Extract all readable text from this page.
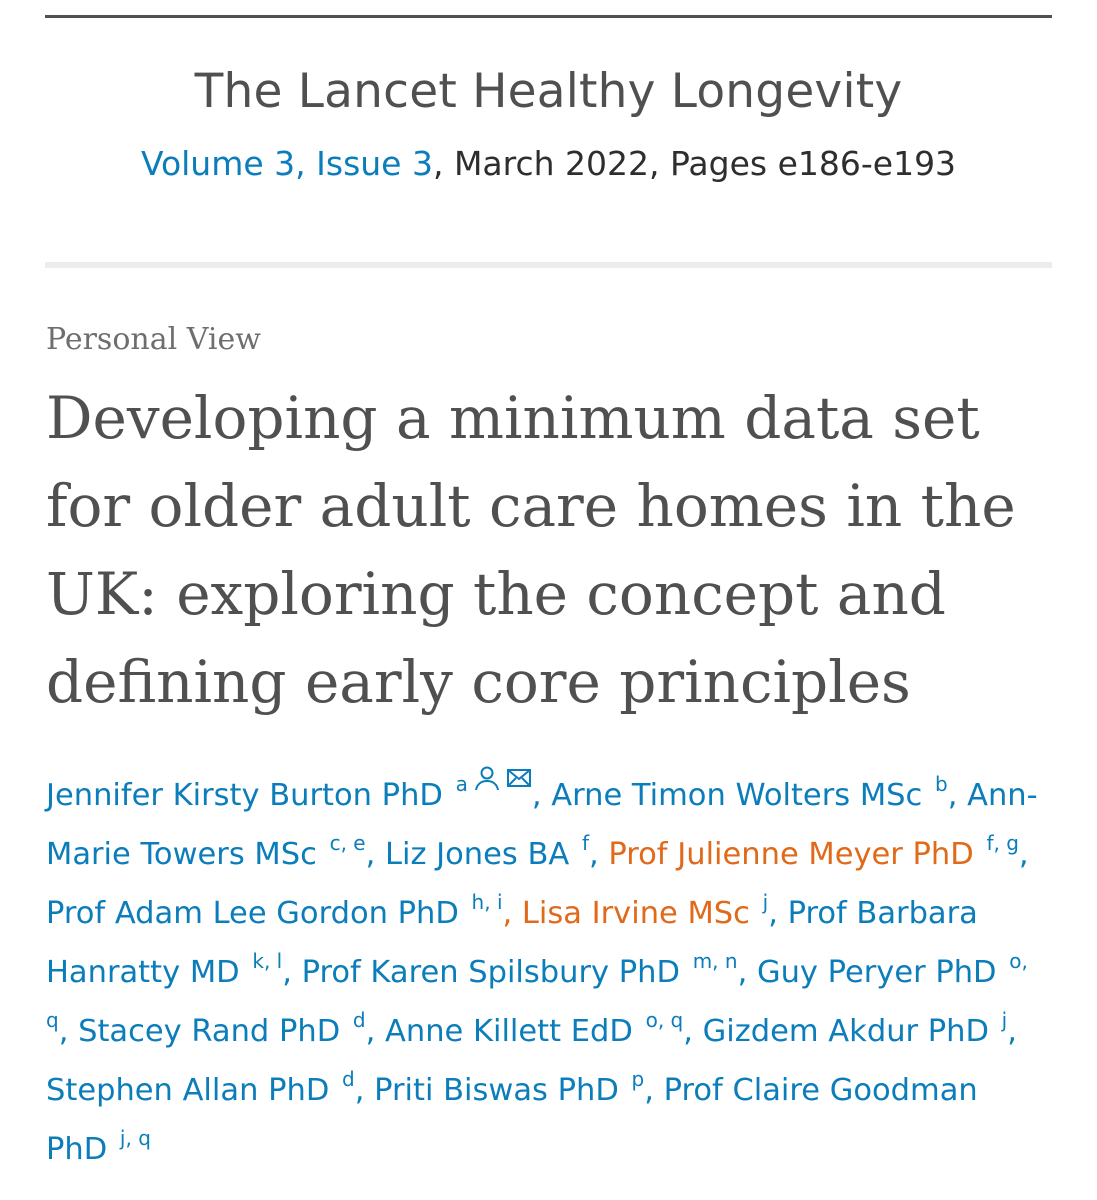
The Lancet Healthy Longevity
Volume 3, Issue 3, March 2022, Pages e186-e193
Personal View
Developing a minimum data set for older adult care homes in the UK: exploring the concept and defining early core principles
Jennifer Kirsty Burton PhD $^a$ , Arne Timon Wolters MSc $^b$, Ann-Marie Towers MSc $^{c, e}$, Liz Jones BA $^f$, Prof Julienne Meyer PhD $^{f, g}$, Prof Adam Lee Gordon PhD $^{h, i}$, Lisa Irvine MSc $^j$, Prof Barbara Hanratty MD $^{k, l}$, Prof Karen Spilsbury PhD $^{m, n}$, Guy Peryer PhD $^{o, q}$, Stacey Rand PhD $^d$, Anne Killett EdD $^{o, q}$, Gizdem Akdur PhD $^j$, Stephen Allan PhD $^d$, Priti Biswas PhD $^p$, Prof Claire Goodman PhD $^{j, q}$
